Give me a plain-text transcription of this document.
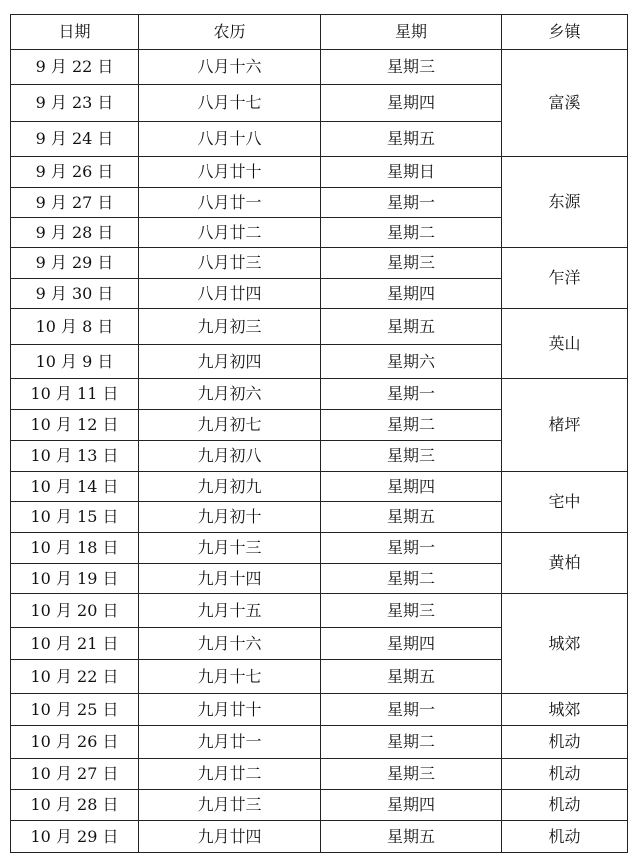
日期	农历	星期	乡镇
9 月 22 日	八月十六	星期三	富溪
9 月 23 日	八月十七	星期四	
9 月 24 日	八月十八	星期五	
9 月 26 日	八月廿十	星期日	东源
9 月 27 日	八月廿一	星期一	
9 月 28 日	八月廿二	星期二	
9 月 29 日	八月廿三	星期三	乍洋
9 月 30 日	八月廿四	星期四	
10 月 8 日	九月初三	星期五	英山
10 月 9 日	九月初四	星期六	
10 月 11 日	九月初六	星期一	楮坪
10 月 12 日	九月初七	星期二	
10 月 13 日	九月初八	星期三	
10 月 14 日	九月初九	星期四	宅中
10 月 15 日	九月初十	星期五	
10 月 18 日	九月十三	星期一	黄柏
10 月 19 日	九月十四	星期二	
10 月 20 日	九月十五	星期三	城郊
10 月 21 日	九月十六	星期四	
10 月 22 日	九月十七	星期五	
10 月 25 日	九月廿十	星期一	城郊
10 月 26 日	九月廿一	星期二	机动
10 月 27 日	九月廿二	星期三	机动
10 月 28 日	九月廿三	星期四	机动
10 月 29 日	九月廿四	星期五	机动
